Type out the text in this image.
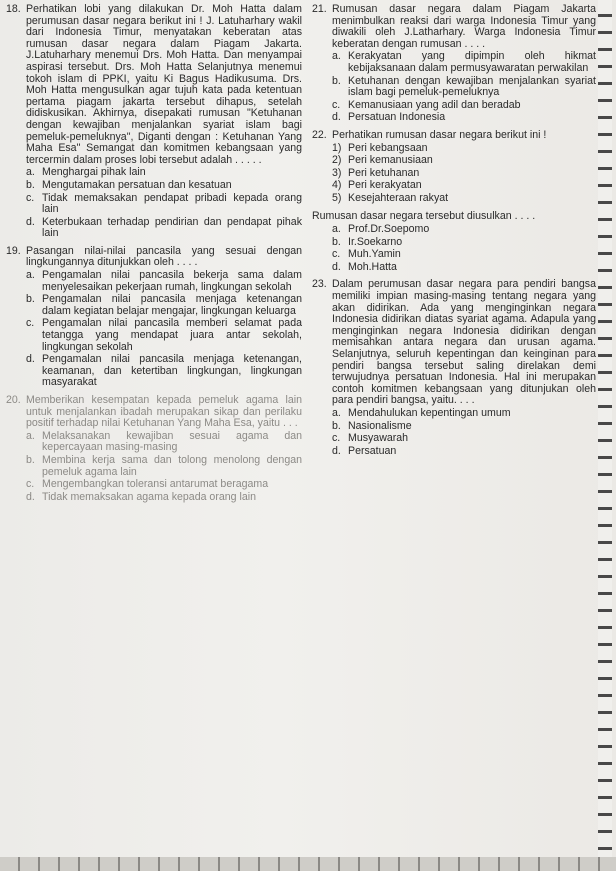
18. Perhatikan lobi yang dilakukan Dr. Moh Hatta dalam perumusan dasar negara berikut ini ! J. Latuharhary wakil dari Indonesia Timur, menyatakan keberatan atas rumusan dasar negara dalam Piagam Jakarta. J.Latuharhary menemui Drs. Moh Hatta. Dan menyampai aspirasi tersebut. Drs. Moh Hatta Selanjutnya menemui tokoh islam di PPKI, yaitu Ki Bagus Hadikusuma. Drs. Moh Hatta mengusulkan agar tujuh kata pada ketentuan pertama piagam jakarta tersebut dihapus, setelah didiskusikan. Akhirnya, disepakati rumusan "Ketuhanan dengan kewajiban menjalankan syariat islam bagi pemeluk-pemeluknya", Diganti dengan : Ketuhanan Yang Maha Esa" Semangat dan komitmen kebangsaan yang tercermin dalam proses lobi tersebut adalah . . . . .
a. Menghargai pihak lain
b. Mengutamakan persatuan dan kesatuan
c. Tidak memaksakan pendapat pribadi kepada orang lain
d. Keterbukaan terhadap pendirian dan pendapat pihak lain
19. Pasangan nilai-nilai pancasila yang sesuai dengan lingkungannya ditunjukkan oleh . . . .
a. Pengamalan nilai pancasila bekerja sama dalam menyelesaikan pekerjaan rumah, lingkungan sekolah
b. Pengamalan nilai pancasila menjaga ketenangan dalam kegiatan belajar mengajar, lingkungan keluarga
c. Pengamalan nilai pancasila memberi selamat pada tetangga yang mendapat juara antar sekolah, lingkungan sekolah
d. Pengamalan nilai pancasila menjaga ketenangan, keamanan, dan ketertiban lingkungan, lingkungan masyarakat
20. Memberikan kesempatan kepada pemeluk agama lain untuk menjalankan ibadah merupakan sikap dan perilaku positif terhadap nilai Ketuhanan Yang Maha Esa, yaitu . . .
a. Melaksanakan kewajiban sesuai agama dan kepercayaan masing-masing
b. Membina kerja sama dan tolong menolong dengan pemeluk agama lain
c. Mengembangkan toleransi antarumat beragama
d. Tidak memaksakan agama kepada orang lain
21. Rumusan dasar negara dalam Piagam Jakarta menimbulkan reaksi dari warga Indonesia Timur yang diwakili oleh J.Latharhary. Warga Indonesia Timur keberatan dengan rumusan . . . .
a. Kerakyatan yang dipimpin oleh hikmat kebijaksanaan dalam permusyawaratan perwakilan
b. Ketuhanan dengan kewajiban menjalankan syariat islam bagi pemeluk-pemeluknya
c. Kemanusiaan yang adil dan beradab
d. Persatuan Indonesia
22. Perhatikan rumusan dasar negara berikut ini !
1) Peri kebangsaan
2) Peri kemanusiaan
3) Peri ketuhanan
4) Peri kerakyatan
5) Kesejahteraan rakyat
Rumusan dasar negara tersebut diusulkan . . . .
a. Prof.Dr.Soepomo
b. Ir.Soekarno
c. Muh.Yamin
d. Moh.Hatta
23. Dalam perumusan dasar negara para pendiri bangsa memiliki impian masing-masing tentang negara yang akan didirikan. Ada yang menginginkan negara Indonesia didirikan diatas syariat agama. Adapula yang menginginkan negara Indonesia didirikan dengan memisahkan antara negara dan urusan agama. Selanjutnya, seluruh kepentingan dan keinginan para pendiri bangsa tersebut saling direlakan demi terwujudnya persatuan Indonesia. Hal ini merupakan contoh komitmen kebangsaan yang ditunjukan oleh para pendiri bangsa, yaitu. . . .
a. Mendahulukan kepentingan umum
b. Nasionalisme
c. Musyawarah
d. Persatuan
